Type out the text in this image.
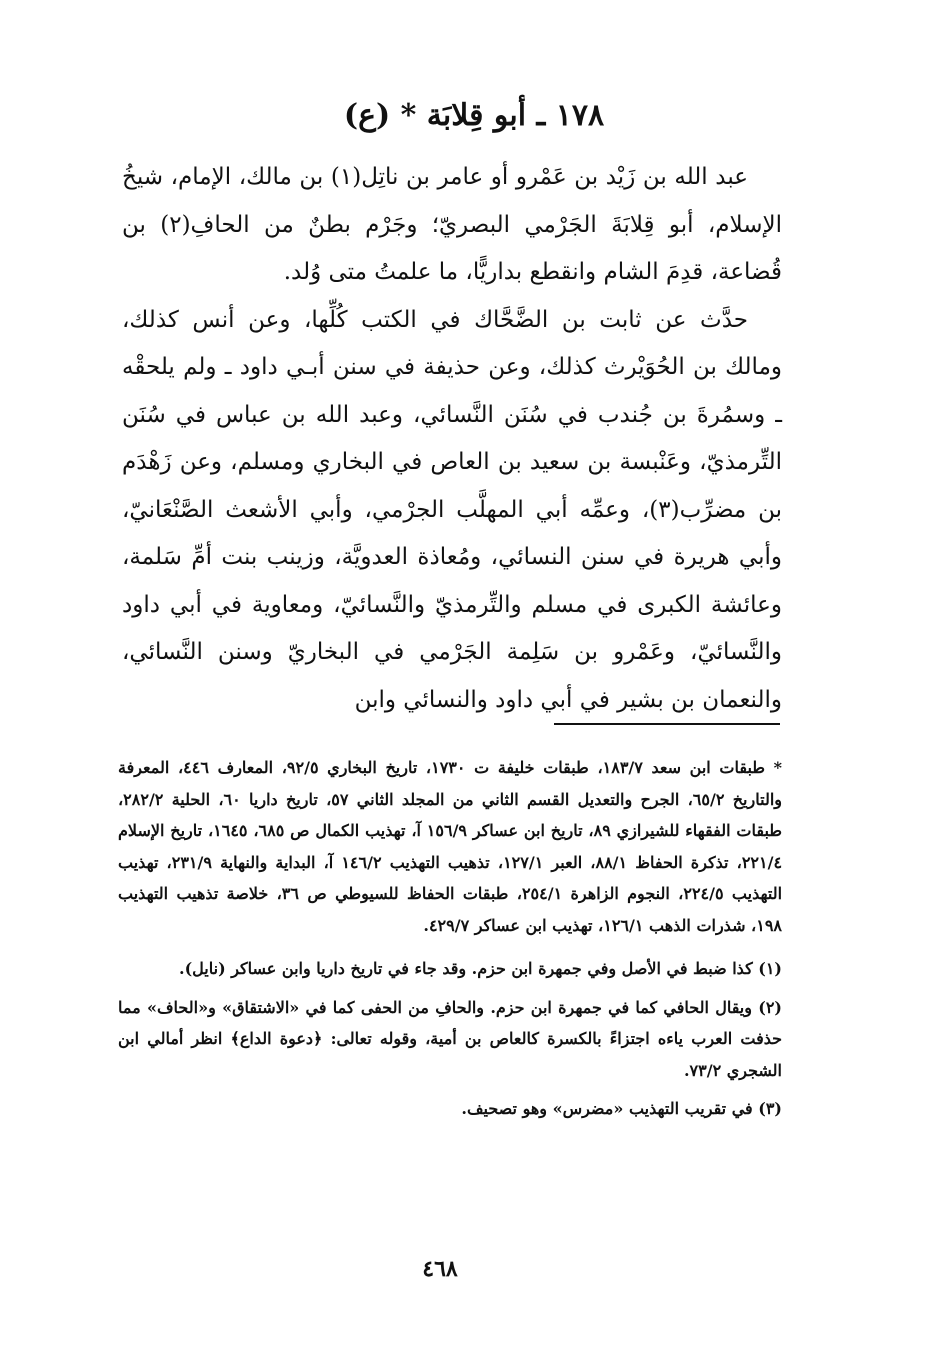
١٧٨ ـ أبو قِلابَة * (ع)

عبد الله بن زَيْد بن عَمْرو أو عامر بن ناتِل(١) بن مالك، الإمام، شيخُ الإسلام، أبو قِلابَةَ الجَرْمي البصريّ؛ وجَرْم بطنٌ من الحافِ(٢) بن قُضاعة، قدِمَ الشام وانقطع بداريًّا، ما علمتُ متى وُلد.

حدَّث عن ثابت بن الضَّحَّاك في الكتب كُلِّها، وعن أنس كذلك، ومالك بن الحُوَيْرث كذلك، وعن حذيفة في سنن أبـي داود ـ ولم يلحقْه ـ وسمُرةَ بن جُندب في سُنَن النَّسائي، وعبد الله بن عباس في سُنَن التِّرمذيّ، وعَنْبسة بن سعيد بن العاص في البخاري ومسلم، وعن زَهْدَم بن مضرِّب(٣)، وعمِّه أبي المهلَّب الجرْمي، وأبي الأشعث الصَّنْعَانيّ، وأبي هريرة في سنن النسائي، ومُعاذة العدويَّة، وزينب بنت أمِّ سَلمة، وعائشة الكبرى في مسلم والتِّرمذيّ والنَّسائيّ، ومعاوية في أبي داود والنَّسائيّ، وعَمْرو بن سَلِمة الجَرْمي في البخاريّ وسنن النَّسائي، والنعمان بن بشير في أبي داود والنسائي وابن

* طبقات ابن سعد ١٨٣/٧، طبقات خليفة ت ١٧٣٠، تاريخ البخاري ٩٢/٥، المعارف ٤٤٦، المعرفة والتاريخ ٦٥/٢، الجرح والتعديل القسم الثاني من المجلد الثاني ٥٧، تاريخ داريا ٦٠، الحلية ٢٨٢/٢، طبقات الفقهاء للشيرازي ٨٩، تاريخ ابن عساكر ١٥٦/٩ آ، تهذيب الكمال ص ٦٨٥، ١٦٤٥، تاريخ الإسلام ٢٢١/٤، تذكرة الحفاظ ٨٨/١، العبر ١٢٧/١، تذهيب التهذيب ١٤٦/٢ آ، البداية والنهاية ٢٣١/٩، تهذيب التهذيب ٢٢٤/٥، النجوم الزاهرة ٢٥٤/١، طبقات الحفاظ للسيوطي ص ٣٦، خلاصة تذهيب التهذيب ١٩٨، شذرات الذهب ١٢٦/١، تهذيب ابن عساكر ٤٢٩/٧.

(١) كذا ضبط في الأصل وفي جمهرة ابن حزم. وقد جاء في تاريخ داريا وابن عساكر (نايل).

(٢) ويقال الحافي كما في جمهرة ابن حزم. والحافِ من الحفى كما في «الاشتقاق» و«الحاف» مما حذفت العرب ياءه اجتزاءً بالكسرة كالعاص بن أمية، وقوله تعالى: ﴿دعوة الداع﴾ انظر أمالي ابن الشجري ٧٣/٢.

(٣) في تقريب التهذيب «مضرس» وهو تصحيف.

٤٦٨
